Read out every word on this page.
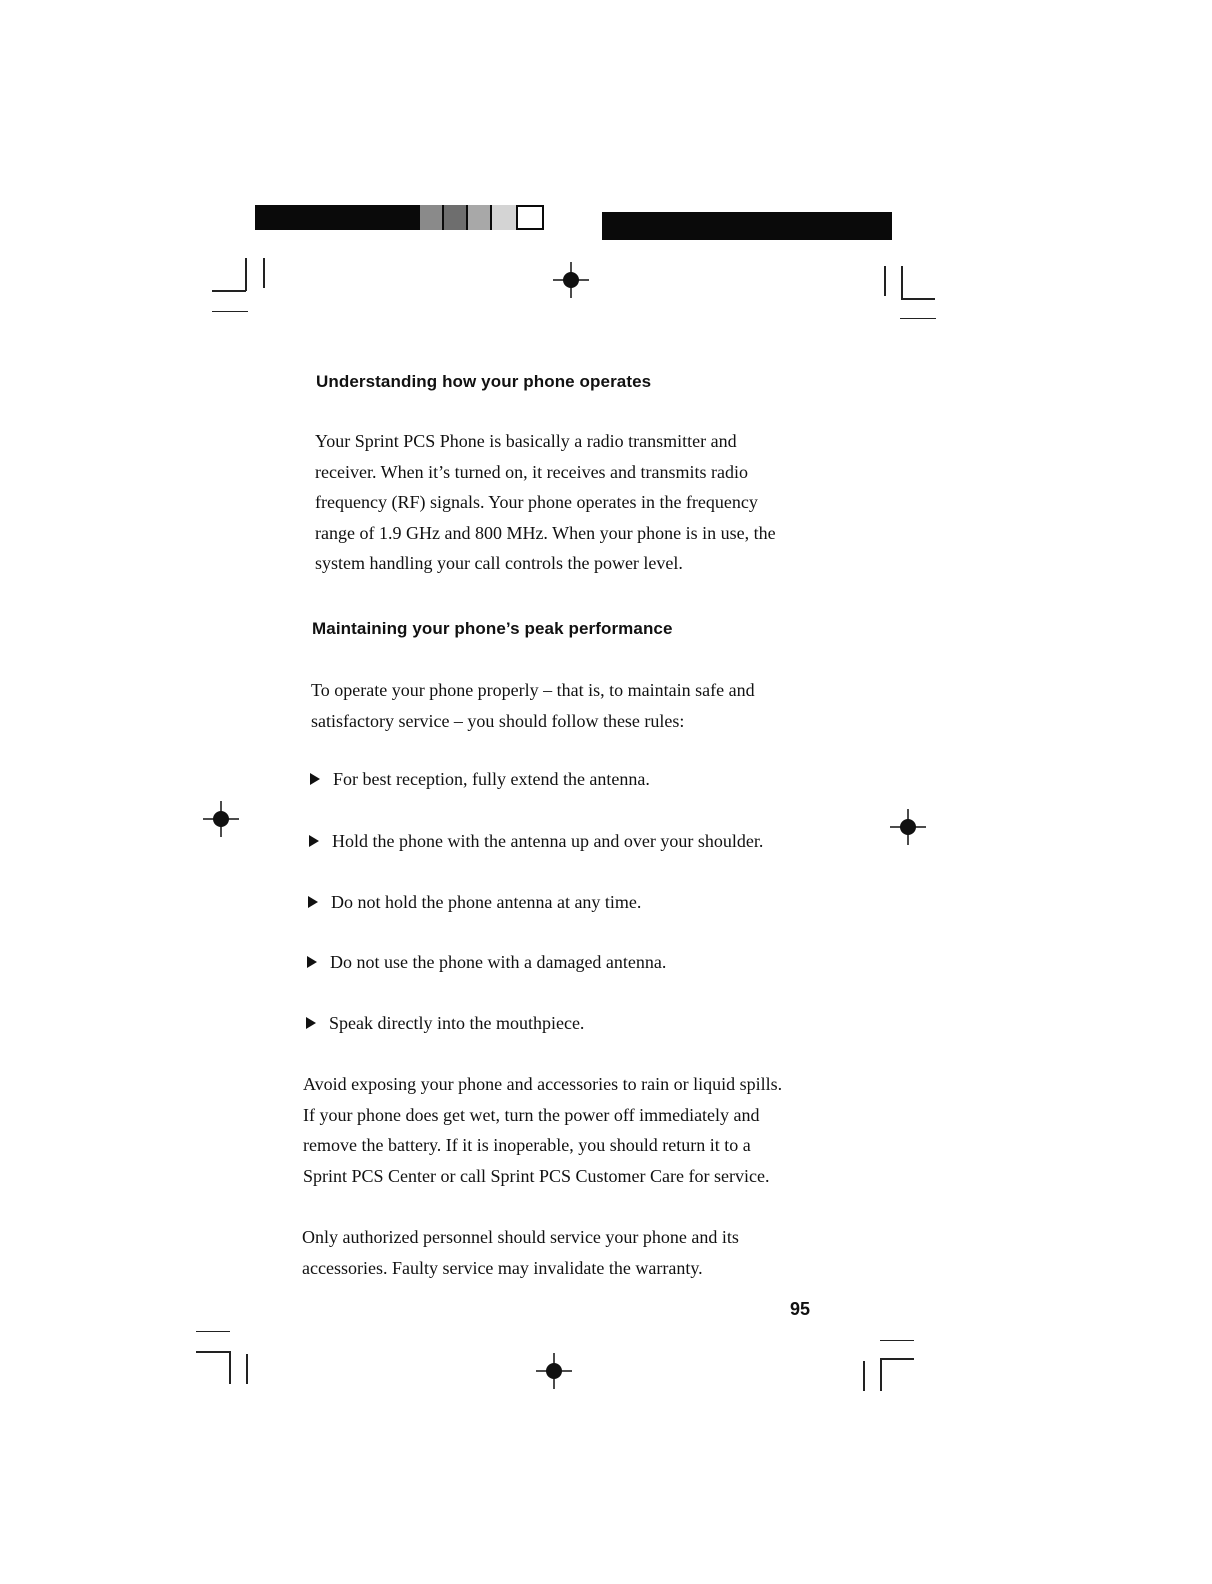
Understanding how your phone operates
Your Sprint PCS Phone is basically a radio transmitter and
receiver. When it’s turned on, it receives and transmits radio
frequency (RF) signals. Your phone operates in the frequency
range of 1.9 GHz and 800 MHz. When your phone is in use, the
system handling your call controls the power level.
Maintaining your phone’s peak performance
To operate your phone properly – that is, to maintain safe and
satisfactory service – you should follow these rules:
For best reception, fully extend the antenna.
Hold the phone with the antenna up and over your shoulder.
Do not hold the phone antenna at any time.
Do not use the phone with a damaged antenna.
Speak directly into the mouthpiece.
Avoid exposing your phone and accessories to rain or liquid spills.
If your phone does get wet, turn the power off immediately and
remove the battery. If it is inoperable, you should return it to a
Sprint PCS Center or call Sprint PCS Customer Care for service.
Only authorized personnel should service your phone and its
accessories. Faulty service may invalidate the warranty.
95
